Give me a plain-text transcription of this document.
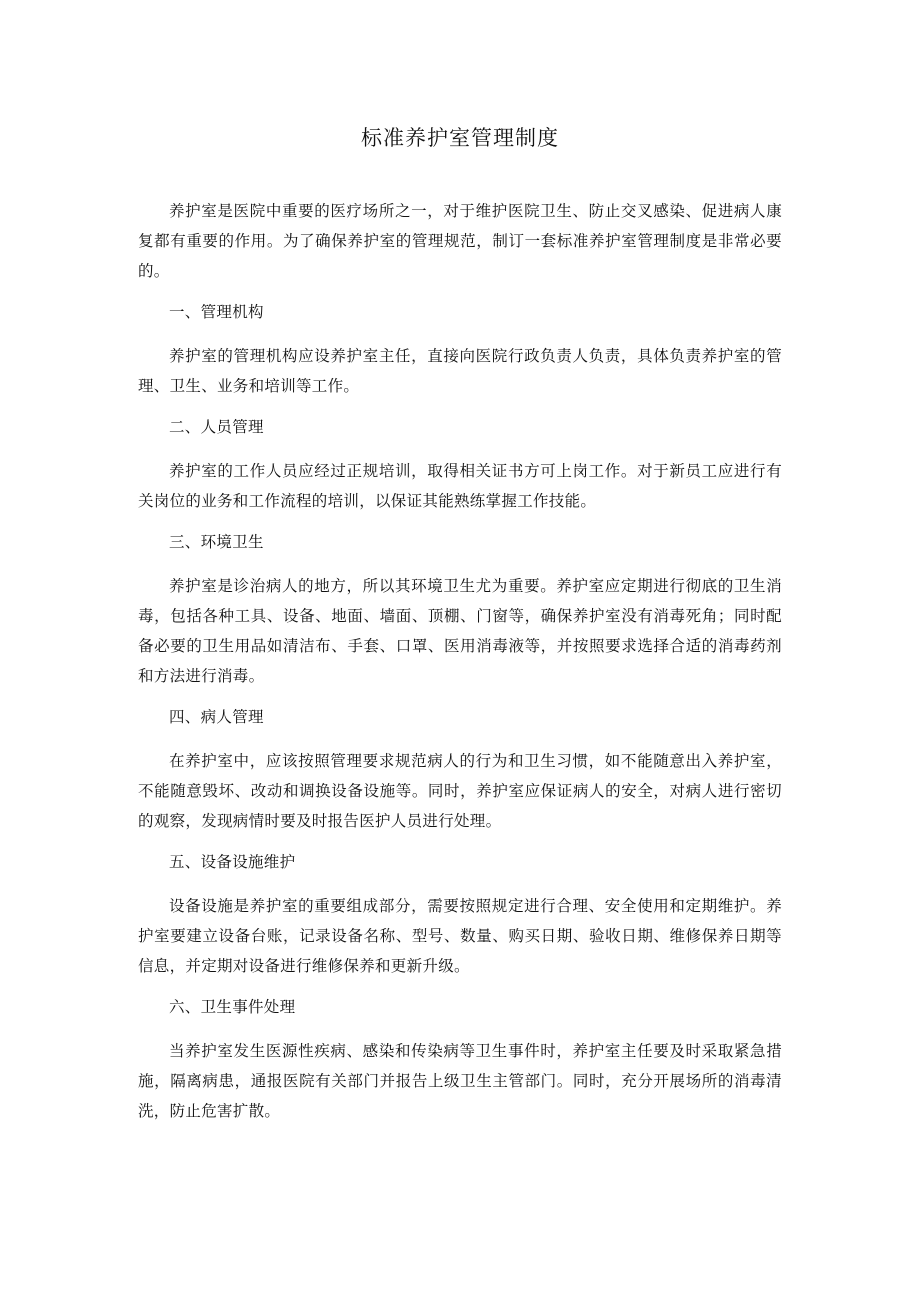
标准养护室管理制度

养护室是医院中重要的医疗场所之一，对于维护医院卫生、防止交叉感染、促进病人康复都有重要的作用。为了确保养护室的管理规范，制订一套标准养护室管理制度是非常必要的。

一、管理机构

养护室的管理机构应设养护室主任，直接向医院行政负责人负责，具体负责养护室的管理、卫生、业务和培训等工作。

二、人员管理

养护室的工作人员应经过正规培训，取得相关证书方可上岗工作。对于新员工应进行有关岗位的业务和工作流程的培训，以保证其能熟练掌握工作技能。

三、环境卫生

养护室是诊治病人的地方，所以其环境卫生尤为重要。养护室应定期进行彻底的卫生消毒，包括各种工具、设备、地面、墙面、顶棚、门窗等，确保养护室没有消毒死角；同时配备必要的卫生用品如清洁布、手套、口罩、医用消毒液等，并按照要求选择合适的消毒药剂和方法进行消毒。

四、病人管理

在养护室中，应该按照管理要求规范病人的行为和卫生习惯，如不能随意出入养护室，不能随意毁坏、改动和调换设备设施等。同时，养护室应保证病人的安全，对病人进行密切的观察，发现病情时要及时报告医护人员进行处理。

五、设备设施维护

设备设施是养护室的重要组成部分，需要按照规定进行合理、安全使用和定期维护。养护室要建立设备台账，记录设备名称、型号、数量、购买日期、验收日期、维修保养日期等信息，并定期对设备进行维修保养和更新升级。

六、卫生事件处理

当养护室发生医源性疾病、感染和传染病等卫生事件时，养护室主任要及时采取紧急措施，隔离病患，通报医院有关部门并报告上级卫生主管部门。同时，充分开展场所的消毒清洗，防止危害扩散。
